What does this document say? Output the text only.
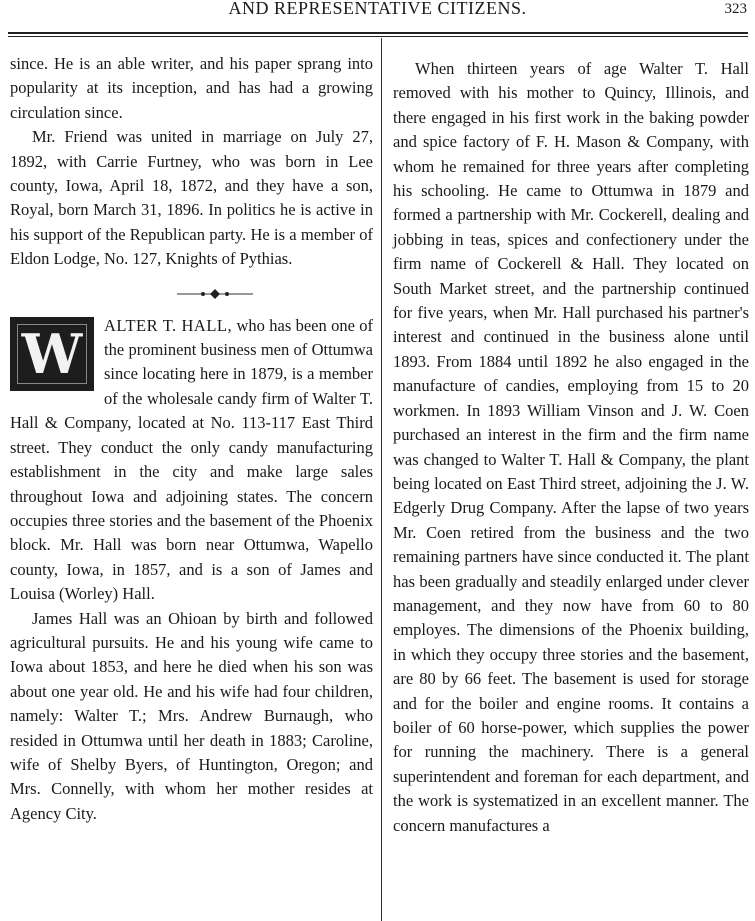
AND REPRESENTATIVE CITIZENS.	323

since. He is an able writer, and his paper sprang into popularity at its inception, and has had a growing circulation since.

Mr. Friend was united in marriage on July 27, 1892, with Carrie Furtney, who was born in Lee county, Iowa, April 18, 1872, and they have a son, Royal, born March 31, 1896. In politics he is active in his support of the Republican party. He is a member of Eldon Lodge, No. 127, Knights of Pythias.

W	ALTER T. HALL, who has been one of the prominent business men of Ottumwa since locating here in 1879, is a member of the wholesale candy firm of Walter T. Hall & Company, located at No. 113-117 East Third street. They conduct the only candy manufacturing establishment in the city and make large sales throughout Iowa and adjoining states. The concern occupies three stories and the basement of the Phoenix block. Mr. Hall was born near Ottumwa, Wapello county, Iowa, in 1857, and is a son of James and Louisa (Worley) Hall.

James Hall was an Ohioan by birth and followed agricultural pursuits. He and his young wife came to Iowa about 1853, and here he died when his son was about one year old. He and his wife had four children, namely: Walter T.; Mrs. Andrew Burnaugh, who resided in Ottumwa until her death in 1883; Caroline, wife of Shelby Byers, of Huntington, Oregon; and Mrs. Connelly, with whom her mother resides at Agency City.

When thirteen years of age Walter T. Hall removed with his mother to Quincy, Illinois, and there engaged in his first work in the baking powder and spice factory of F. H. Mason & Company, with whom he remained for three years after completing his schooling. He came to Ottumwa in 1879 and formed a partnership with Mr. Cockerell, dealing and jobbing in teas, spices and confectionery under the firm name of Cockerell & Hall. They located on South Market street, and the partnership continued for five years, when Mr. Hall purchased his partner's interest and continued in the business alone until 1893. From 1884 until 1892 he also engaged in the manufacture of candies, employing from 15 to 20 workmen. In 1893 William Vinson and J. W. Coen purchased an interest in the firm and the firm name was changed to Walter T. Hall & Company, the plant being located on East Third street, adjoining the J. W. Edgerly Drug Company. After the lapse of two years Mr. Coen retired from the business and the two remaining partners have since conducted it. The plant has been gradually and steadily enlarged under clever management, and they now have from 60 to 80 employes. The dimensions of the Phoenix building, in which they occupy three stories and the basement, are 80 by 66 feet. The basement is used for storage and for the boiler and engine rooms. It contains a boiler of 60 horse-power, which supplies the power for running the machinery. There is a general superintendent and foreman for each department, and the work is systematized in an excellent manner. The concern manufactures a
